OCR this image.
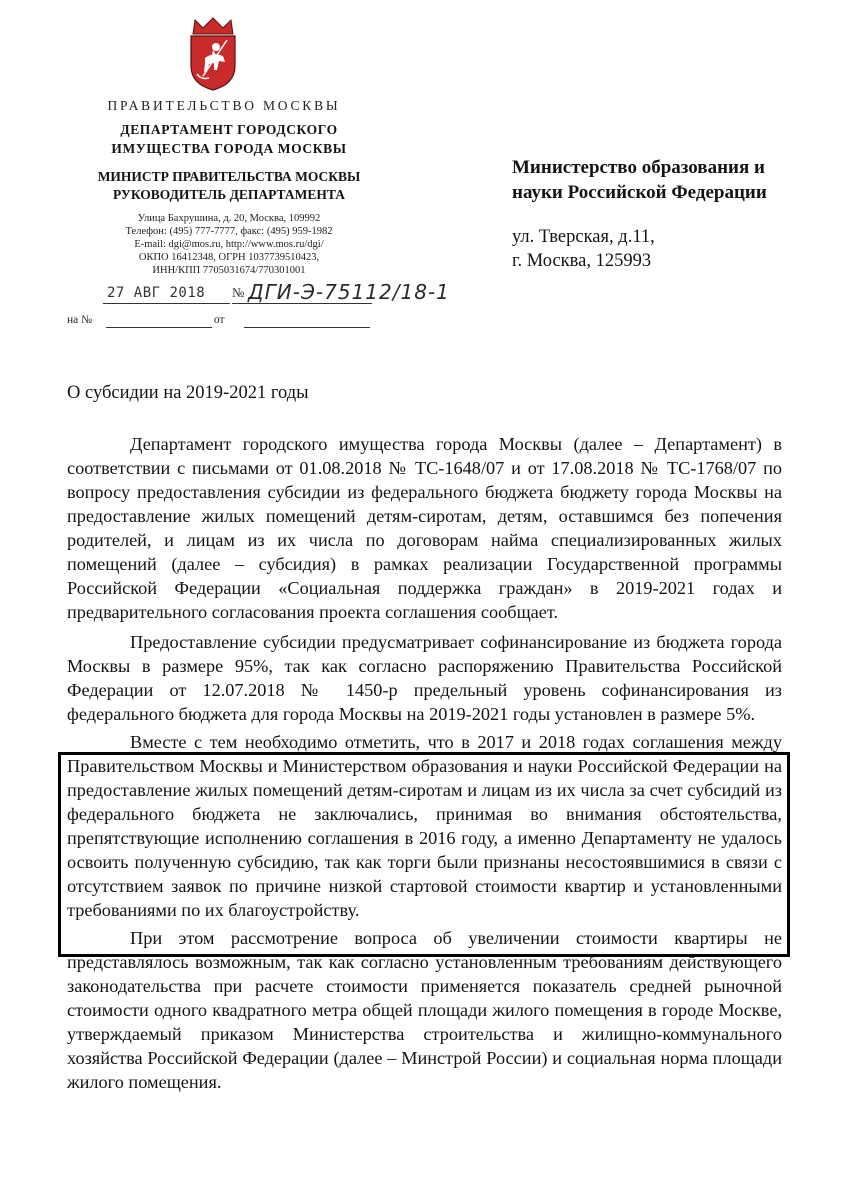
ПРАВИТЕЛЬСТВО МОСКВЫ
ДЕПАРТАМЕНТ ГОРОДСКОГО
ИМУЩЕСТВА ГОРОДА МОСКВЫ
МИНИСТР ПРАВИТЕЛЬСТВА МОСКВЫ
РУКОВОДИТЕЛЬ ДЕПАРТАМЕНТА
Улица Бахрушина, д. 20, Москва, 109992
Телефон: (495) 777-7777, факс: (495) 959-1982
E-mail: dgi@mos.ru, http://www.mos.ru/dgi/
ОКПО 16412348, ОГРН 1037739510423,
ИНН/КПП 7705031674/770301001
27 АВГ 2018 № ДГИ-Э-75112/18-1
на №	от
Министерство образования и
науки Российской Федерации
ул. Тверская, д.11,
г. Москва, 125993
О субсидии на 2019-2021 годы

Департамент городского имущества города Москвы (далее – Департамент) в соответствии с письмами от 01.08.2018 № ТС-1648/07 и от 17.08.2018 № ТС-1768/07 по вопросу предоставления субсидии из федерального бюджета бюджету города Москвы на предоставление жилых помещений детям-сиротам, детям, оставшимся без попечения родителей, и лицам из их числа по договорам найма специализированных жилых помещений (далее – субсидия) в рамках реализации Государственной программы Российской Федерации «Социальная поддержка граждан» в 2019-2021 годах и предварительного согласования проекта соглашения сообщает.

Предоставление субсидии предусматривает софинансирование из бюджета города Москвы в размере 95%, так как согласно распоряжению Правительства Российской Федерации от 12.07.2018 № 1450-р предельный уровень софинансирования из федерального бюджета для города Москвы на 2019-2021 годы установлен в размере 5%.

Вместе с тем необходимо отметить, что в 2017 и 2018 годах соглашения между Правительством Москвы и Министерством образования и науки Российской Федерации на предоставление жилых помещений детям-сиротам и лицам из их числа за счет субсидий из федерального бюджета не заключались, принимая во внимания обстоятельства, препятствующие исполнению соглашения в 2016 году, а именно Департаменту не удалось освоить полученную субсидию, так как торги были признаны несостоявшимися в связи с отсутствием заявок по причине низкой стартовой стоимости квартир и установленными требованиями по их благоустройству.

При этом рассмотрение вопроса об увеличении стоимости квартиры не представлялось возможным, так как согласно установленным требованиям действующего законодательства при расчете стоимости применяется показатель средней рыночной стоимости одного квадратного метра общей площади жилого помещения в городе Москве, утверждаемый приказом Министерства строительства и жилищно-коммунального хозяйства Российской Федерации (далее – Минстрой России) и социальная норма площади жилого помещения.
